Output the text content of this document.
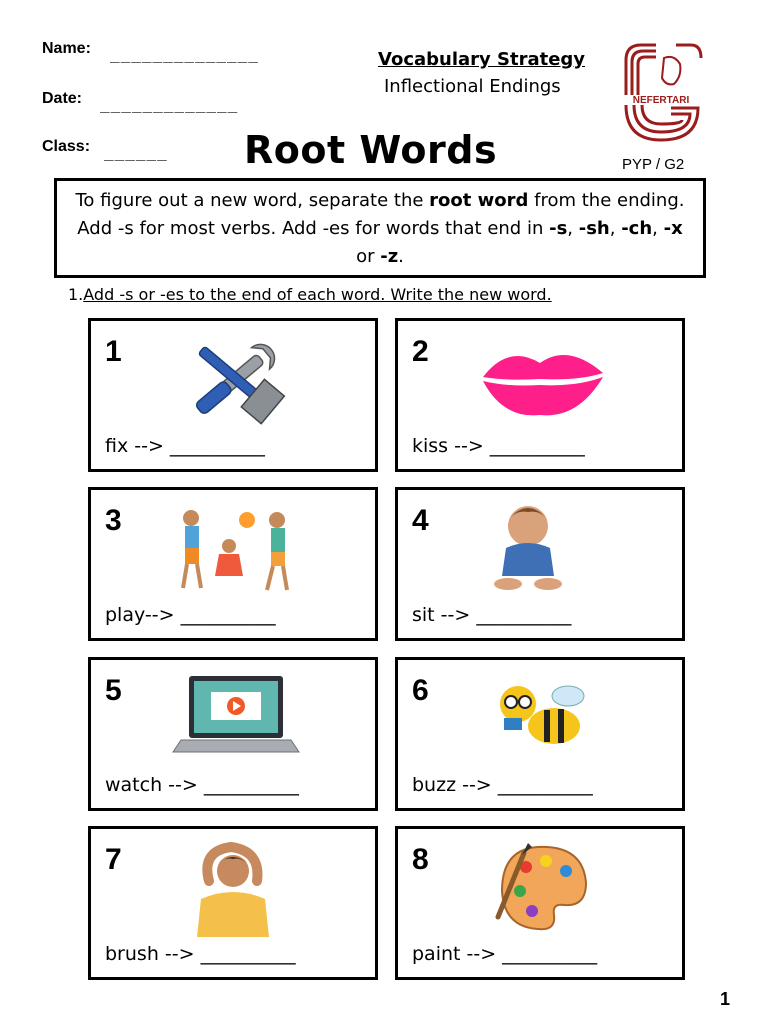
Name: ______________
Date: _____________
Class: ______
Vocabulary Strategy
Inflectional Endings
Root Words
NEFERTARI
PYP / G2
To figure out a new word, separate the root word from the ending. Add -s for most verbs. Add -es for words that end in -s, -sh, -ch, -x or -z.
1.Add -s or -es to the end of each word. Write the new word.
1
fix --> __________
2
kiss --> __________
3
play--> __________
4
sit --> __________
5
watch --> __________
6
buzz --> __________
7
brush --> __________
8
paint --> __________
1
